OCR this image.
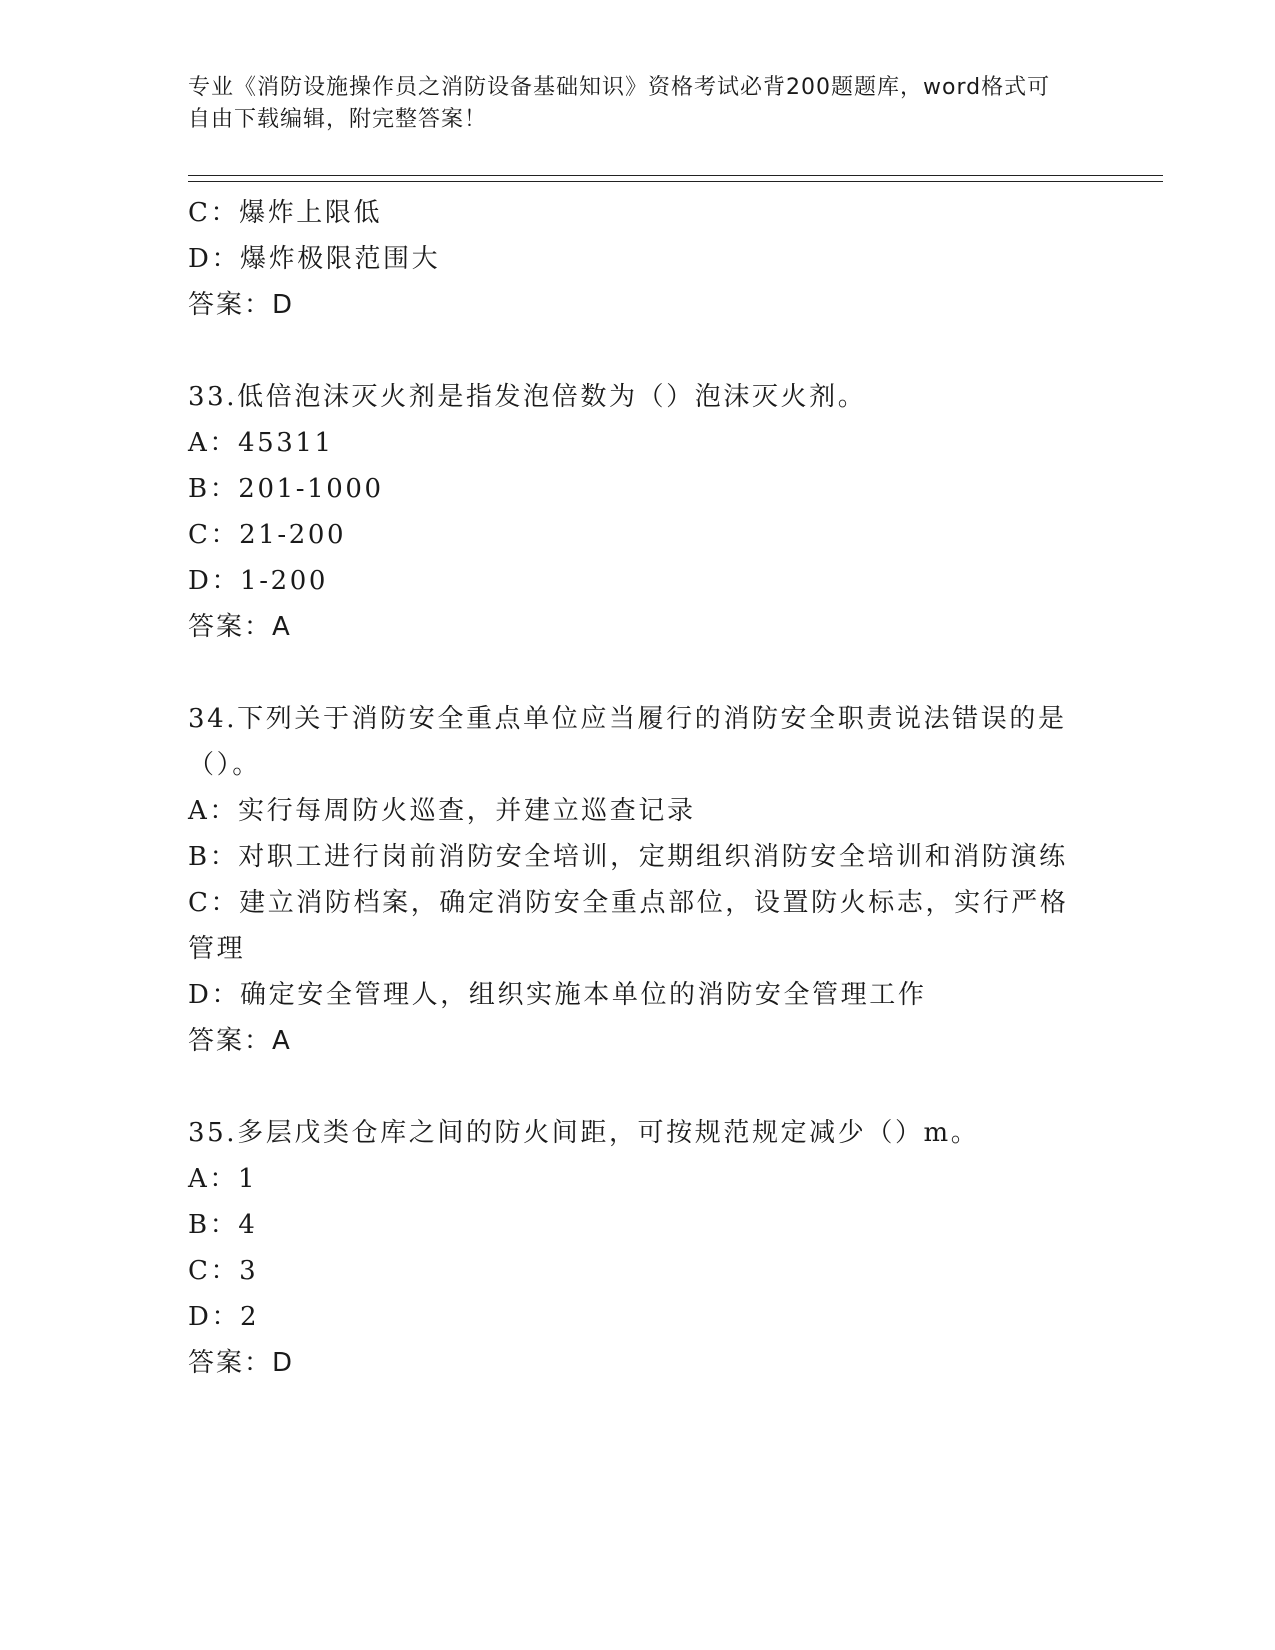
专业《消防设施操作员之消防设备基础知识》资格考试必背200题题库，word格式可自由下载编辑，附完整答案！
C：爆炸上限低
D：爆炸极限范围大
答案：D
33.低倍泡沫灭火剂是指发泡倍数为（）泡沫灭火剂。
A：45311
B：201-1000
C：21-200
D：1-200
答案：A
34.下列关于消防安全重点单位应当履行的消防安全职责说法错误的是（）。
A：实行每周防火巡查，并建立巡查记录
B：对职工进行岗前消防安全培训，定期组织消防安全培训和消防演练
C：建立消防档案，确定消防安全重点部位，设置防火标志，实行严格管理
D：确定安全管理人，组织实施本单位的消防安全管理工作
答案：A
35.多层戊类仓库之间的防火间距，可按规范规定减少（）m。
A：1
B：4
C：3
D：2
答案：D
